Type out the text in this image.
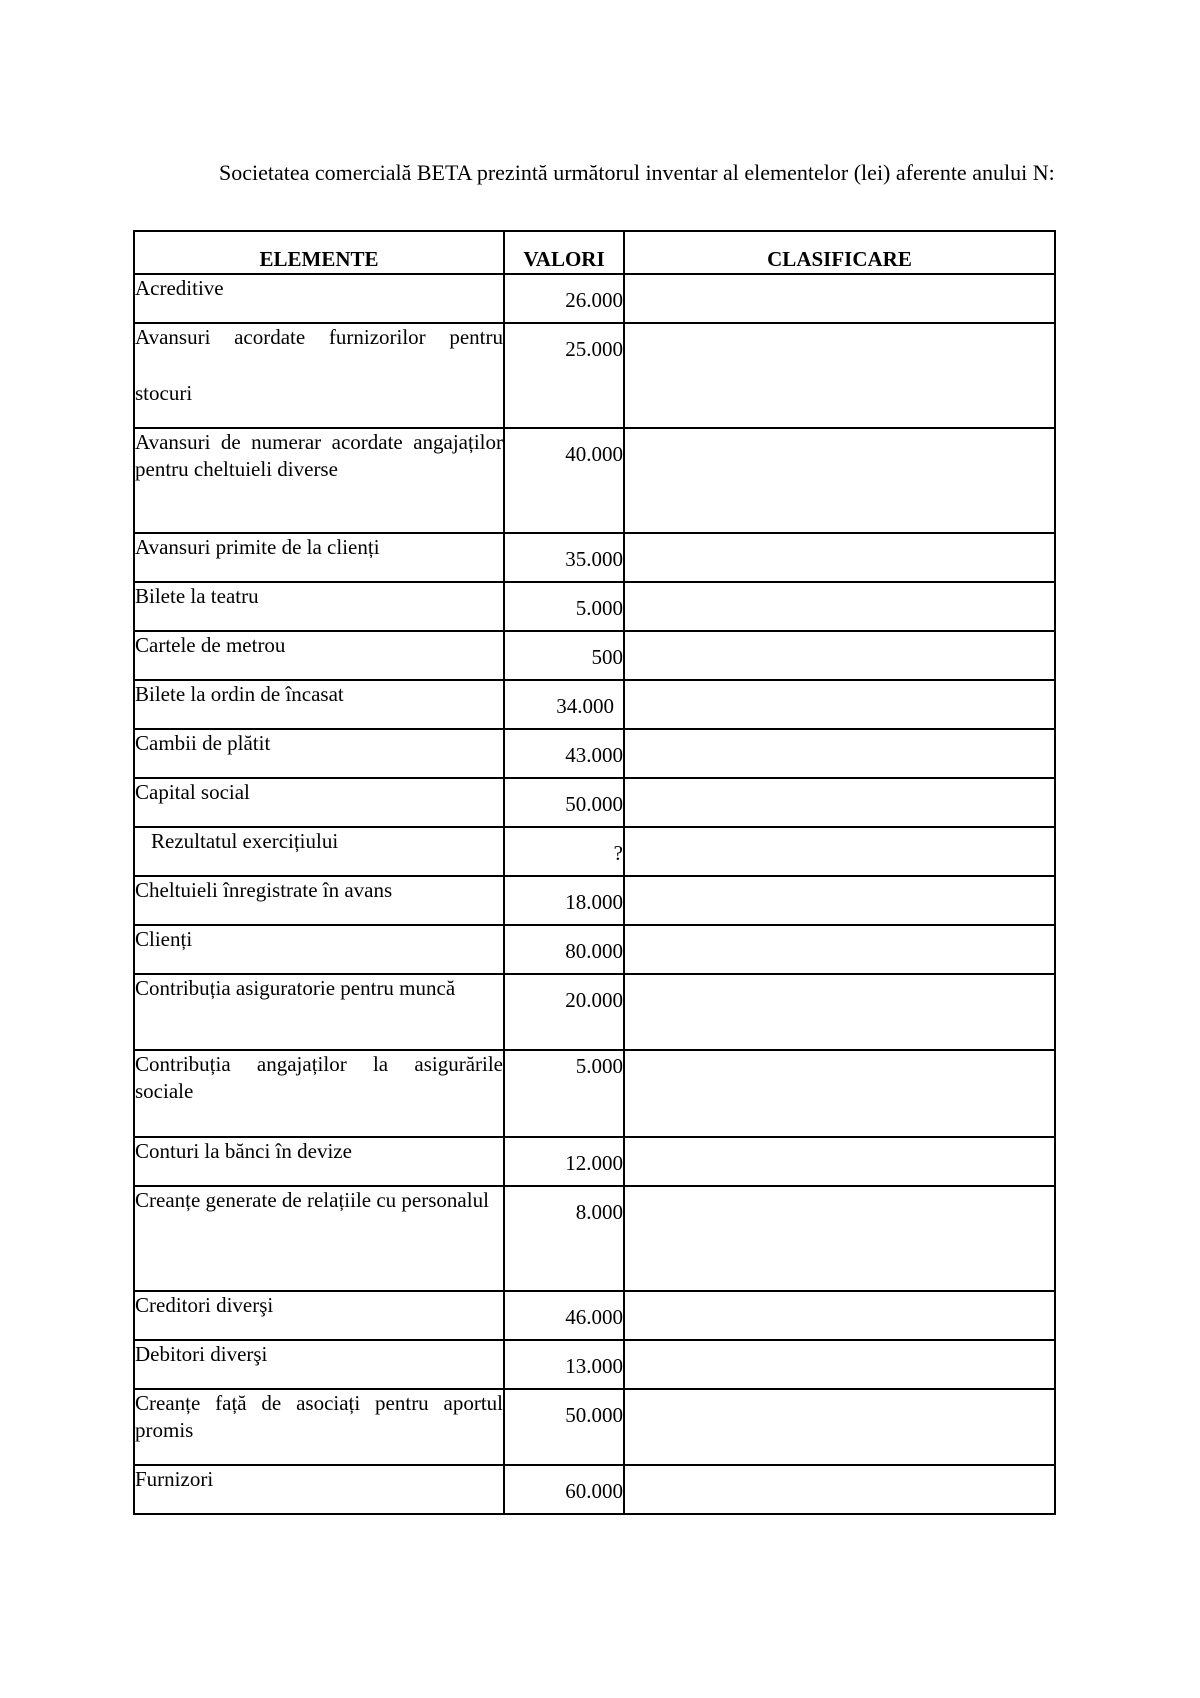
Societatea comercială BETA prezintă următorul inventar al elementelor (lei) aferente anului N:
ELEMENTE	VALORI	CLASIFICARE
Acreditive	26.000	

Avansuri acordate furnizorilor pentru stocuri	25.000	

Avansuri de numerar acordate angajaților pentru cheltuieli diverse	40.000	

Avansuri primite de la clienți	35.000	

Bilete la teatru	5.000	

Cartele de metrou	500	

Bilete la ordin de încasat	34.000	

Cambii de plătit	43.000	

Capital social	50.000	

Rezultatul exercițiului	?	

Cheltuieli înregistrate în avans	18.000	

Clienți	80.000	

Contribuția asiguratorie pentru muncă	20.000	

Contribuția angajaților la asigurările sociale	5.000	

Conturi la bănci în devize	12.000	

Creanțe generate de relațiile cu personalul	8.000	

Creditori diverşi	46.000	

Debitori diverşi	13.000	

Creanțe față de asociați pentru aportul promis	50.000	

Furnizori	60.000	
